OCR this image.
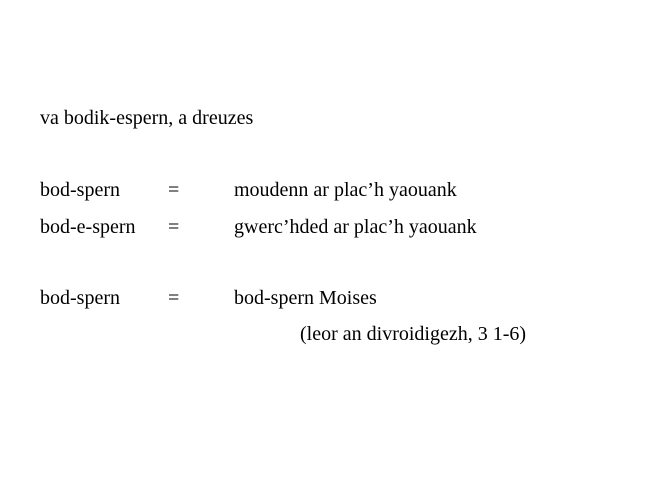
va bodik-espern, a dreuzes
bod-spern =	moudenn ar plac’h yaouank
bod-e-spern =	gwerc’hded ar plac’h yaouank
bod-spern =	bod-spern Moises
(leor an divroidigezh, 3 1-6)
